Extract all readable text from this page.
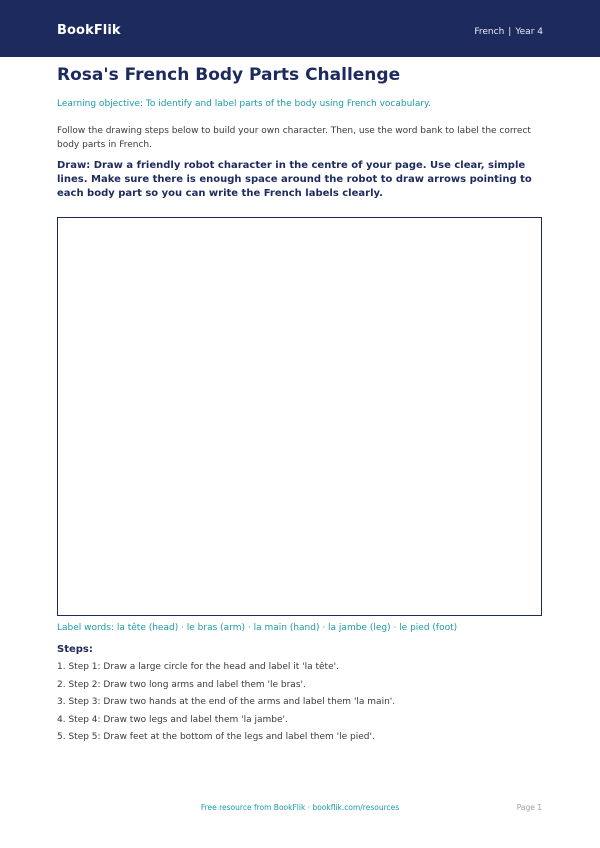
BookFlik	French | Year 4
Rosa's French Body Parts Challenge
Learning objective: To identify and label parts of the body using French vocabulary.
Follow the drawing steps below to build your own character. Then, use the word bank to label the correct body parts in French.
Draw: Draw a friendly robot character in the centre of your page. Use clear, simple lines. Make sure there is enough space around the robot to draw arrows pointing to each body part so you can write the French labels clearly.
Label words: la tête (head) · le bras (arm) · la main (hand) · la jambe (leg) · le pied (foot)
Steps:
1. Step 1: Draw a large circle for the head and label it 'la tête'.
2. Step 2: Draw two long arms and label them 'le bras'.
3. Step 3: Draw two hands at the end of the arms and label them 'la main'.
4. Step 4: Draw two legs and label them 'la jambe'.
5. Step 5: Draw feet at the bottom of the legs and label them 'le pied'.
Free resource from BookFlik · bookflik.com/resources	Page 1
